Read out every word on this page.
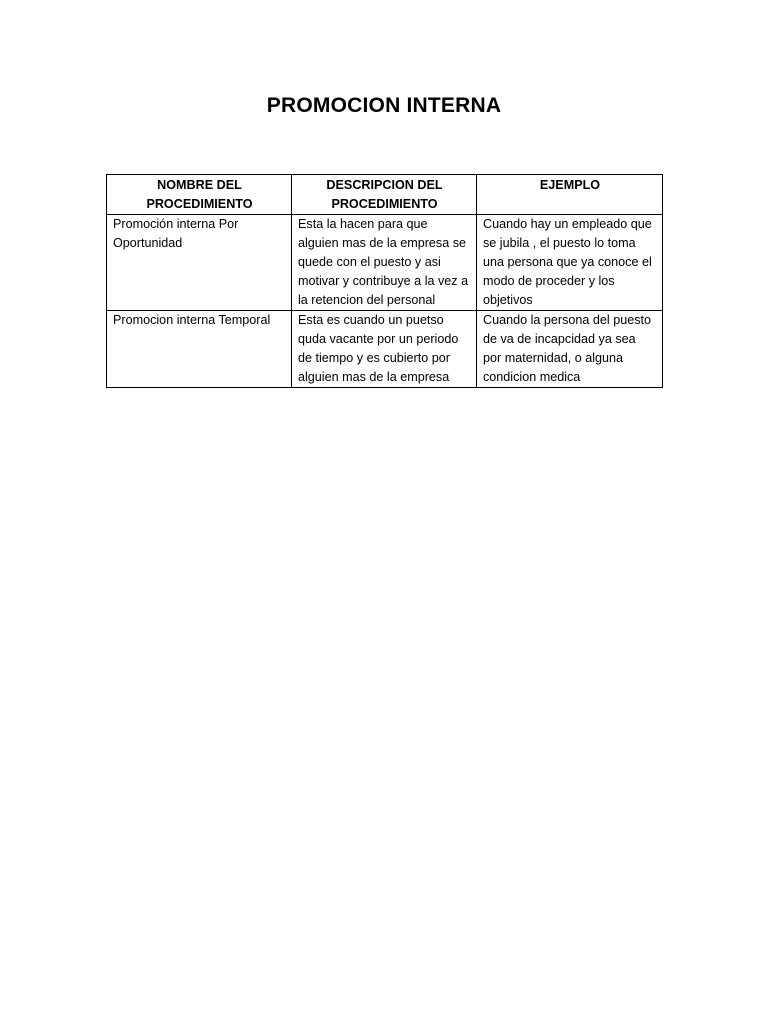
PROMOCION INTERNA
NOMBRE DEL PROCEDIMIENTO	DESCRIPCION DEL PROCEDIMIENTO	EJEMPLO
Promoción interna Por Oportunidad	Esta la hacen para que alguien mas de la empresa se quede con el puesto y asi motivar y contribuye a la vez a la retencion del personal	Cuando hay un empleado que se jubila , el puesto lo toma una persona que ya conoce el modo de proceder y los objetivos
Promocion interna Temporal	Esta es cuando un puetso quda vacante por un periodo de tiempo y es cubierto por alguien mas de la empresa	Cuando la persona del puesto de va de incapcidad ya sea por maternidad, o alguna condicion medica
